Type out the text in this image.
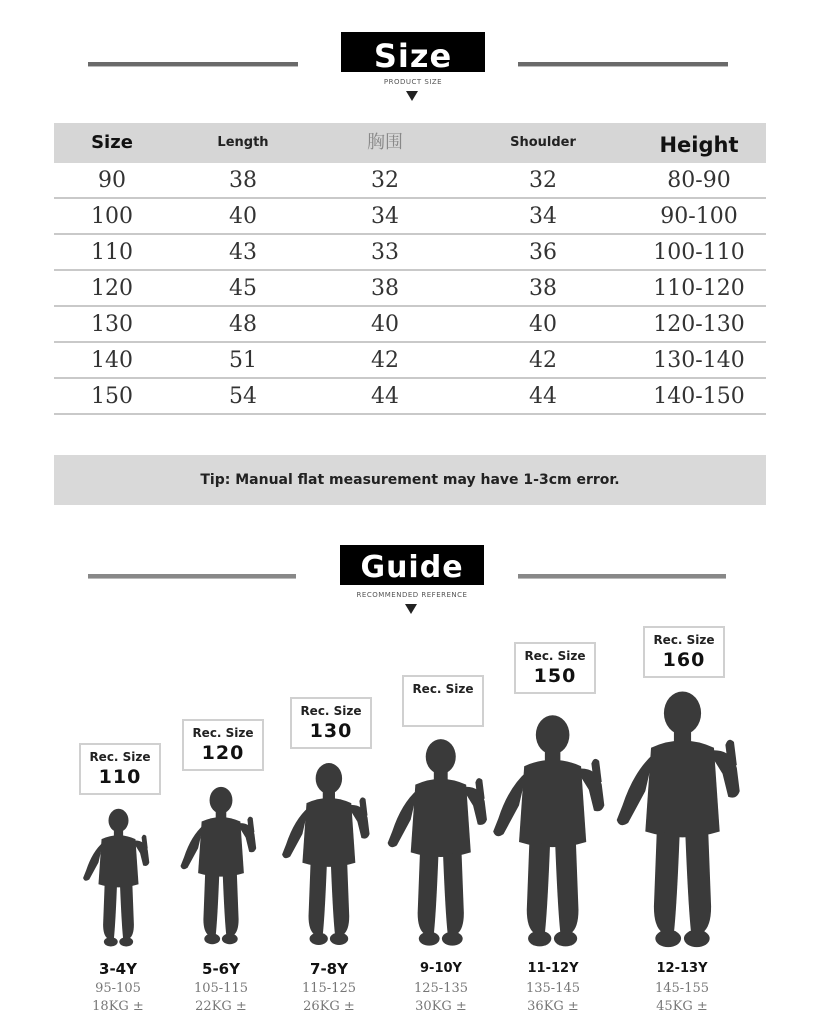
Size
PRODUCT SIZE
Size	Length	胸围	Shoulder	Height
90	38	32	32	80-90
100	40	34	34	90-100
110	43	33	36	100-110
120	45	38	38	110-120
130	48	40	40	120-130
140	51	42	42	130-140
150	54	44	44	140-150
Tip: Manual flat measurement may have 1-3cm error.
Guide
RECOMMENDED REFERENCE
Rec. Size
110
3-4Y
95-105
18KG ±
Rec. Size
120
5-6Y
105-115
22KG ±
Rec. Size
130
7-8Y
115-125
26KG ±
Rec. Size
9-10Y
125-135
30KG ±
Rec. Size
150
11-12Y
135-145
36KG ±
Rec. Size
160
12-13Y
145-155
45KG ±
